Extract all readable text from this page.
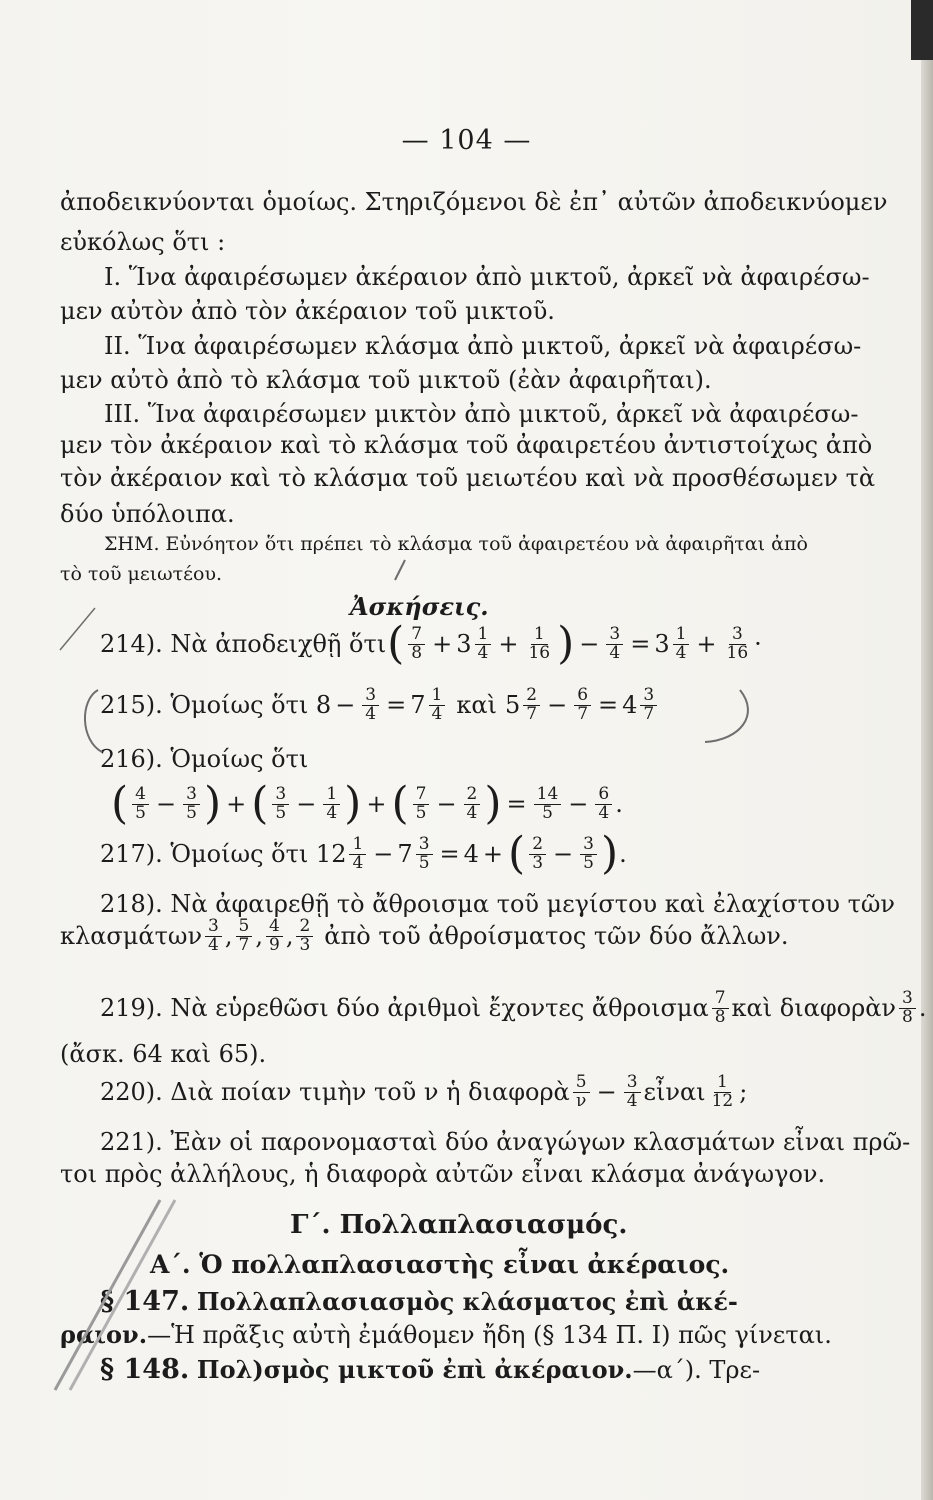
— 104 —
ἀποδεικνύονται ὁμοίως. Στηριζόμενοι δὲ ἐπ᾽ αὐτῶν ἀποδεικνύομεν
εὐκόλως ὅτι :
Ι. Ἵνα ἀφαιρέσωμεν ἀκέραιον ἀπὸ μικτοῦ, ἀρκεῖ νὰ ἀφαιρέσω-
μεν αὐτὸν ἀπὸ τὸν ἀκέραιον τοῦ μικτοῦ.
ΙΙ. Ἵνα ἀφαιρέσωμεν κλάσμα ἀπὸ μικτοῦ, ἀρκεῖ νὰ ἀφαιρέσω-
μεν αὐτὸ ἀπὸ τὸ κλάσμα τοῦ μικτοῦ (ἐὰν ἀφαιρῆται).
ΙΙΙ. Ἵνα ἀφαιρέσωμεν μικτὸν ἀπὸ μικτοῦ, ἀρκεῖ νὰ ἀφαιρέσω-
μεν τὸν ἀκέραιον καὶ τὸ κλάσμα τοῦ ἀφαιρετέου ἀντιστοίχως ἀπὸ
τὸν ἀκέραιον καὶ τὸ κλάσμα τοῦ μειωτέου καὶ νὰ προσθέσωμεν τὰ
δύο ὑπόλοιπα.
ΣΗΜ. Εὐνόητον ὅτι πρέπει τὸ κλάσμα τοῦ ἀφαιρετέου νὰ ἀφαιρῆται ἀπὸ
τὸ τοῦ μειωτέου.
Ἀσκήσεις.
214). Νὰ ἀποδειχθῇ ὅτι ( $\frac{7}{8} + 3 \frac{1}{4} + \frac{1}{16}$ ) − $\frac{3}{4} = 3 \frac{1}{4} + \frac{3}{16}$ ·
215). Ὁμοίως ὅτι $8 - \frac{3}{4} = 7 \frac{1}{4}$ καὶ $5 \frac{2}{7} - \frac{6}{7} = 4 \frac{3}{7}$
216). Ὁμοίως ὅτι
( $\frac{4}{5} - \frac{3}{5}$ ) + ( $\frac{3}{5} - \frac{1}{4}$ ) + ( $\frac{7}{5} - \frac{2}{4}$ ) = $\frac{14}{5} - \frac{6}{4}$ .
217). Ὁμοίως ὅτι $12 \frac{1}{4} - 7 \frac{3}{5} = 4$ + ( $\frac{2}{3} - \frac{3}{5}$ ) .
218). Νὰ ἀφαιρεθῇ τὸ ἄθροισμα τοῦ μεγίστου καὶ ἐλαχίστου τῶν
κλασμάτων $\frac{3}{4}$ , $\frac{5}{7}$ , $\frac{4}{9}$ , $\frac{2}{3}$ ἀπὸ τοῦ ἀθροίσματος τῶν δύο ἄλλων.
219). Νὰ εὑρεθῶσι δύο ἀριθμοὶ ἔχοντες ἄθροισμα $\frac{7}{8}$ καὶ διαφορὰν $\frac{3}{8}$ .
(ἄσκ. 64 καὶ 65).
220). Διὰ ποίαν τιμὴν τοῦ ν ἡ διαφορὰ $\frac{5}{\nu} - \frac{3}{4}$ εἶναι $\frac{1}{12}$ ;
221). Ἐὰν οἱ παρονομασταὶ δύο ἀναγώγων κλασμάτων εἶναι πρῶ-
τοι πρὸς ἀλλήλους, ἡ διαφορὰ αὐτῶν εἶναι κλάσμα ἀνάγωγον.
Γ΄. Πολλαπλασιασμός.
Α΄. Ὁ πολλαπλασιαστὴς εἶναι ἀκέραιος.
§ 147. Πολλαπλασιασμὸς κλάσματος ἐπὶ ἀκέ-
ραιον.—Ἡ πρᾶξις αὐτὴ ἐμάθομεν ἤδη (§ 134 Π. Ι) πῶς γίνεται.
§ 148. Πολ)σμὸς μικτοῦ ἐπὶ ἀκέραιον.—α΄). Τρε-
